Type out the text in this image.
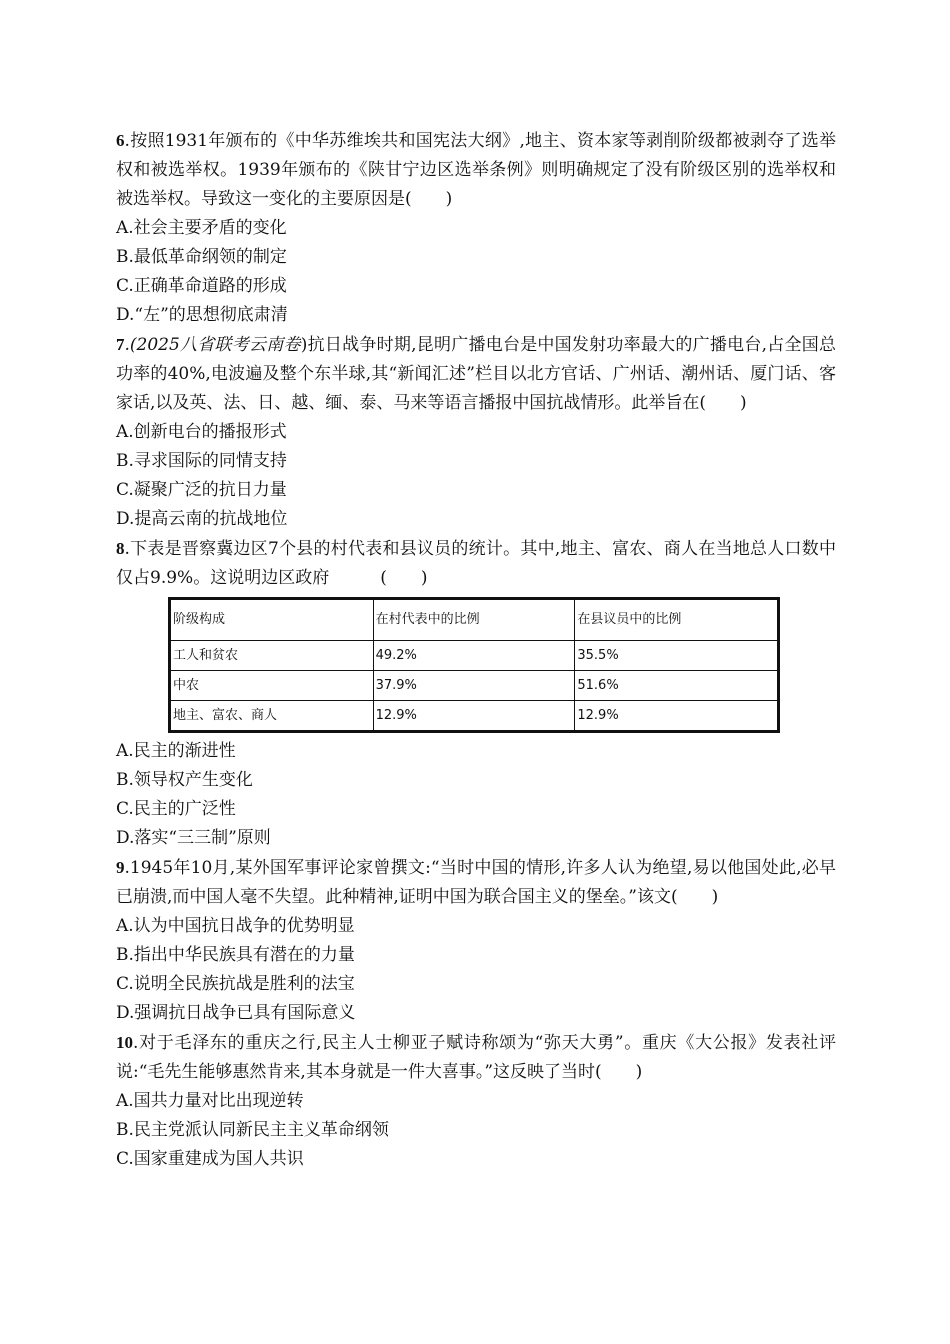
6.按照1931年颁布的《中华苏维埃共和国宪法大纲》,地主、资本家等剥削阶级都被剥夺了选举权和被选举权。1939年颁布的《陕甘宁边区选举条例》则明确规定了没有阶级区别的选举权和被选举权。导致这一变化的主要原因是(　　)

A.社会主要矛盾的变化

B.最低革命纲领的制定

C.正确革命道路的形成

D.“左”的思想彻底肃清

7.(2025八省联考云南卷)抗日战争时期,昆明广播电台是中国发射功率最大的广播电台,占全国总功率的40%,电波遍及整个东半球,其“新闻汇述”栏目以北方官话、广州话、潮州话、厦门话、客家话,以及英、法、日、越、缅、泰、马来等语言播报中国抗战情形。此举旨在(　　)

A.创新电台的播报形式

B.寻求国际的同情支持

C.凝聚广泛的抗日力量

D.提高云南的抗战地位

8.下表是晋察冀边区7个县的村代表和县议员的统计。其中,地主、富农、商人在当地总人口数中仅占9.9%。这说明边区政府　　　(　　)

阶级构成	在村代表中的比例	在县议员中的比例
工人和贫农	49.2%	35.5%
中农	37.9%	51.6%
地主、富农、商人	12.9%	12.9%

A.民主的渐进性

B.领导权产生变化

C.民主的广泛性

D.落实“三三制”原则

9.1945年10月,某外国军事评论家曾撰文:“当时中国的情形,许多人认为绝望,易以他国处此,必早已崩溃,而中国人毫不失望。此种精神,证明中国为联合国主义的堡垒。”该文(　　)

A.认为中国抗日战争的优势明显

B.指出中华民族具有潜在的力量

C.说明全民族抗战是胜利的法宝

D.强调抗日战争已具有国际意义

10.对于毛泽东的重庆之行,民主人士柳亚子赋诗称颂为“弥天大勇”。重庆《大公报》发表社评说:“毛先生能够惠然肯来,其本身就是一件大喜事。”这反映了当时(　　)

A.国共力量对比出现逆转

B.民主党派认同新民主主义革命纲领

C.国家重建成为国人共识
